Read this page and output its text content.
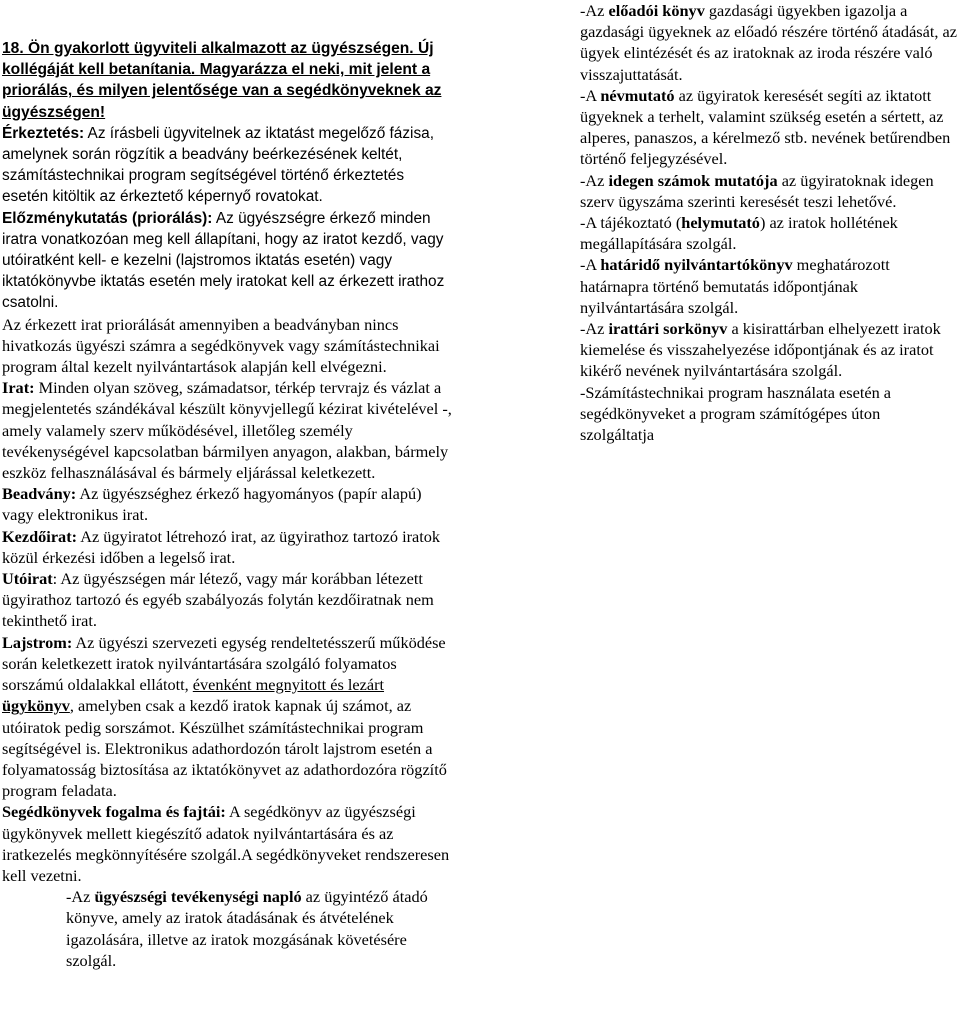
18. Ön gyakorlott ügyviteli alkalmazott az ügyészségen. Új kollégáját kell betanítania. Magyarázza el neki, mit jelent a priorálás, és milyen jelentősége van a segédkönyveknek az ügyészségen!

Érkeztetés: Az írásbeli ügyvitelnek az iktatást megelőző fázisa, amelynek során rögzítik a beadvány beérkezésének keltét, számítástechnikai program segítségével történő érkeztetés esetén kitöltik az érkeztető képernyő rovatokat.

Előzménykutatás (priorálás): Az ügyészségre érkező minden iratra vonatkozóan meg kell állapítani, hogy az iratot kezdő, vagy utóiratként kell- e kezelni (lajstromos iktatás esetén) vagy iktatókönyvbe iktatás esetén mely iratokat kell az érkezett irathoz csatolni.

Az érkezett irat priorálását amennyiben a beadványban nincs hivatkozás ügyészi számra a segédkönyvek vagy számítástechnikai program által kezelt nyilvántartások alapján kell elvégezni.

Irat: Minden olyan szöveg, számadatsor, térkép tervrajz és vázlat a megjelentetés szándékával készült könyvjellegű kézirat kivételével -, amely valamely szerv működésével, illetőleg személy tevékenységével kapcsolatban bármilyen anyagon, alakban, bármely eszköz felhasználásával és bármely eljárással keletkezett.

Beadvány: Az ügyészséghez érkező hagyományos (papír alapú) vagy elektronikus irat.

Kezdőirat: Az ügyiratot létrehozó irat, az ügyirathoz tartozó iratok közül érkezési időben a legelső irat.

Utóirat: Az ügyészségen már létező, vagy már korábban létezett ügyirathoz tartozó és egyéb szabályozás folytán kezdőiratnak nem tekinthető irat.

Lajstrom: Az ügyészi szervezeti egység rendeltetésszerű működése során keletkezett iratok nyilvántartására szolgáló folyamatos sorszámú oldalakkal ellátott, évenként megnyitott és lezárt ügykönyv, amelyben csak a kezdő iratok kapnak új számot, az utóiratok pedig sorszámot. Készülhet számítástechnikai program segítségével is. Elektronikus adathordozón tárolt lajstrom esetén a folyamatosság biztosítása az iktatókönyvet az adathordozóra rögzítő program feladata.

Segédkönyvek fogalma és fajtái: A segédkönyv az ügyészségi ügykönyvek mellett kiegészítő adatok nyilvántartására és az iratkezelés megkönnyítésére szolgál.A segédkönyveket rendszeresen kell vezetni.

-Az ügyészségi tevékenységi napló az ügyintéző átadó könyve, amely az iratok átadásának és átvételének igazolására, illetve az iratok mozgásának követésére szolgál.

-Az előadói könyv gazdasági ügyekben igazolja a gazdasági ügyeknek az előadó részére történő átadását, az ügyek elintézését és az iratoknak az iroda részére való visszajuttatását.

-A névmutató az ügyiratok keresését segíti az iktatott ügyeknek a terhelt, valamint szükség esetén a sértett, az alperes, panaszos, a kérelmező stb. nevének betűrendben történő feljegyzésével.

-Az idegen számok mutatója az ügyiratoknak idegen szerv ügyszáma szerinti keresését teszi lehetővé.

-A tájékoztató (helymutató) az iratok hollétének megállapítására szolgál.

-A határidő nyilvántartókönyv meghatározott határnapra történő bemutatás időpontjának nyilvántartására szolgál.

-Az irattári sorkönyv a kisirattárban elhelyezett iratok kiemelése és visszahelyezése időpontjának és az iratot kikérő nevének nyilvántartására szolgál.

-Számítástechnikai program használata esetén a segédkönyveket a program számítógépes úton szolgáltatja
